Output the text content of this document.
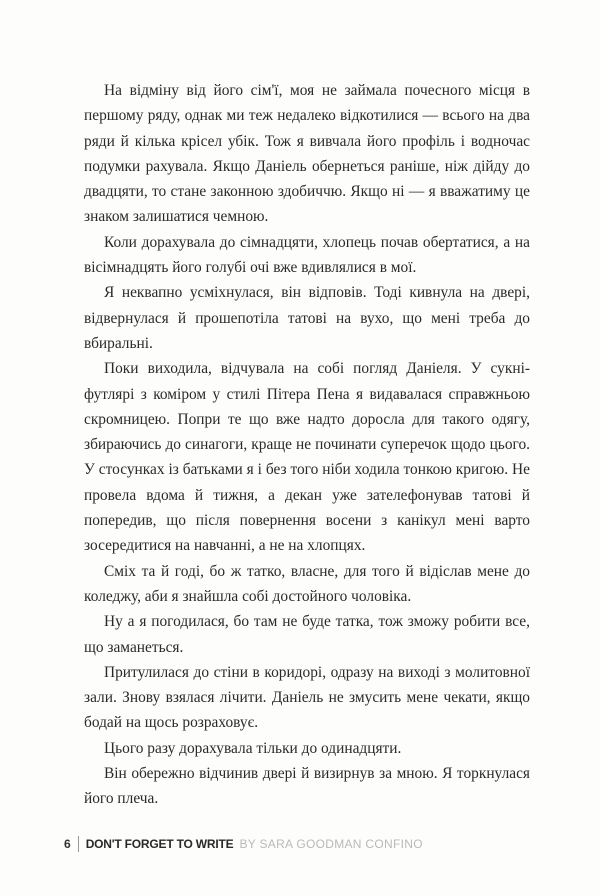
На відміну від його сім'ї, моя не займала почесного місця в першому ряду, однак ми теж недалеко відкотилися — всього на два ряди й кілька крісел убік. Тож я вивчала його профіль і водночас подумки рахувала. Якщо Даніель обернеться раніше, ніж дійду до двадцяти, то стане законною здобиччю. Якщо ні — я вважатиму це знаком залишатися чемною.

Коли дорахувала до сімнадцяти, хлопець почав обертатися, а на вісімнадцять його голубі очі вже вдивлялися в мої.

Я неквапно усміхнулася, він відповів. Тоді кивнула на двері, відвернулася й прошепотіла татові на вухо, що мені треба до вбиральні.

Поки виходила, відчувала на собі погляд Даніеля. У сукні-футлярі з коміром у стилі Пітера Пена я видавалася справжньою скромницею. Попри те що вже надто доросла для такого одягу, збираючись до синагоги, краще не починати суперечок щодо цього. У стосунках із батьками я і без того ніби ходила тонкою кригою. Не провела вдома й тижня, а декан уже зателефонував татові й попередив, що після повернення восени з канікул мені варто зосередитися на навчанні, а не на хлопцях.

Сміх та й годі, бо ж татко, власне, для того й відіслав мене до коледжу, аби я знайшла собі достойного чоловіка.

Ну а я погодилася, бо там не буде татка, тож зможу робити все, що заманеться.

Притулилася до стіни в коридорі, одразу на виході з молитовної зали. Знову взялася лічити. Даніель не змусить мене чекати, якщо бодай на щось розраховує.

Цього разу дорахувала тільки до одинадцяти.

Він обережно відчинив двері й визирнув за мною. Я торкнулася його плеча.

6 DON'T FORGET TO WRITE BY SARA GOODMAN CONFINO
